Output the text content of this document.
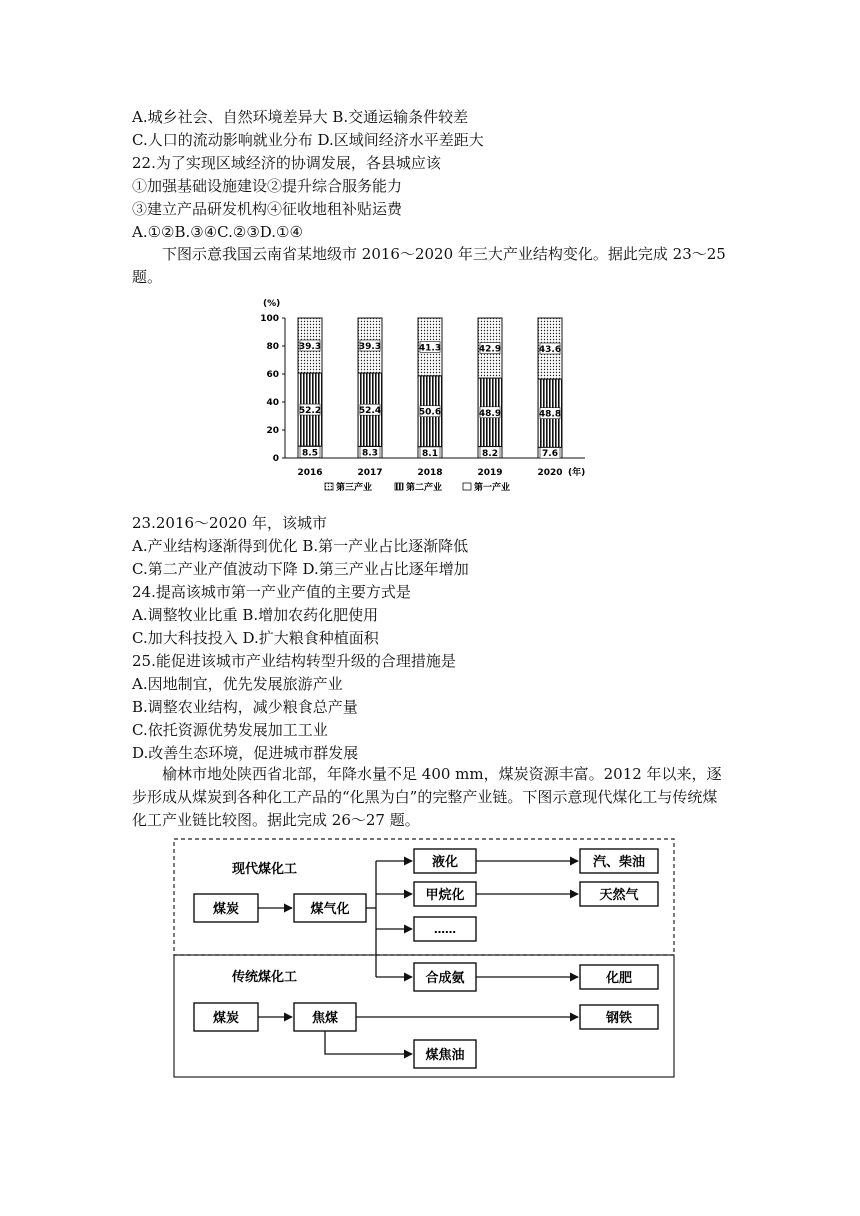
A.城乡社会、自然环境差异大 B.交通运输条件较差
C.人口的流动影响就业分布 D.区域间经济水平差距大
22.为了实现区域经济的协调发展，各县城应该
①加强基础设施建设②提升综合服务能力
③建立产品研发机构④征收地租补贴运费
A.①②B.③④C.②③D.①④
下图示意我国云南省某地级市 2016～2020 年三大产业结构变化。据此完成 23～25 题。
(%)
0
20
40
60
80
100
8.5
52.2
39.3
8.3
52.4
39.3
8.1
50.6
41.3
8.2
48.9
42.9
7.6
48.8
43.6
2016	2017	2018	2019	2020 (年)
第三产业	第二产业	第一产业
23.2016～2020 年，该城市
A.产业结构逐渐得到优化 B.第一产业占比逐渐降低
C.第二产业产值波动下降 D.第三产业占比逐年增加
24.提高该城市第一产业产值的主要方式是
A.调整牧业比重 B.增加农药化肥使用
C.加大科技投入 D.扩大粮食种植面积
25.能促进该城市产业结构转型升级的合理措施是
A.因地制宜，优先发展旅游产业
B.调整农业结构，减少粮食总产量
C.依托资源优势发展加工工业
D.改善生态环境，促进城市群发展
榆林市地处陕西省北部，年降水量不足 400 mm，煤炭资源丰富。2012 年以来，逐步形成从煤炭到各种化工产品的“化黑为白”的完整产业链。下图示意现代煤化工与传统煤化工产业链比较图。据此完成 26～27 题。
现代煤化工
传统煤化工
煤炭	煤气化
液化
甲烷化
……
汽、柴油
天然气
合成氨	化肥
煤炭	焦煤	钢铁
煤焦油
